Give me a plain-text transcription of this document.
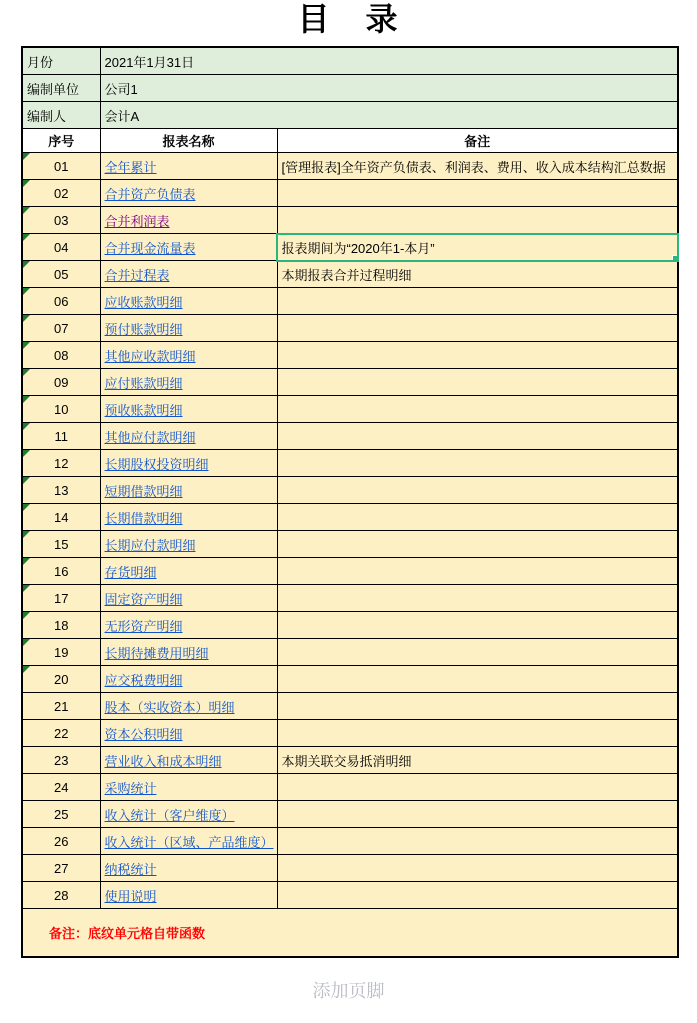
目　录
月份	2021年1月31日	
编制单位	公司1	
编制人	会计A	
序号	报表名称	备注

01	全年累计	[管理报表]全年资产负债表、利润表、费用、收入成本结构汇总数据

02	合并资产负债表	

03	合并利润表	

04	合并现金流量表	报表期间为“2020年1-本月”

05	合并过程表	本期报表合并过程明细

06	应收账款明细	

07	预付账款明细	

08	其他应收款明细	

09	应付账款明细	

10	预收账款明细	

11	其他应付款明细	

12	长期股权投资明细	

13	短期借款明细	

14	长期借款明细	

15	长期应付款明细	

16	存货明细	

17	固定资产明细	

18	无形资产明细	

19	长期待摊费用明细	

20	应交税费明细	
21	股本（实收资本）明细	
22	资本公积明细	
23	营业收入和成本明细	本期关联交易抵消明细
24	采购统计	
25	收入统计（客户维度）	
26	收入统计（区域、产品维度）	
27	纳税统计	
28	使用说明	
备注：底纹单元格自带函数		
添加页脚
